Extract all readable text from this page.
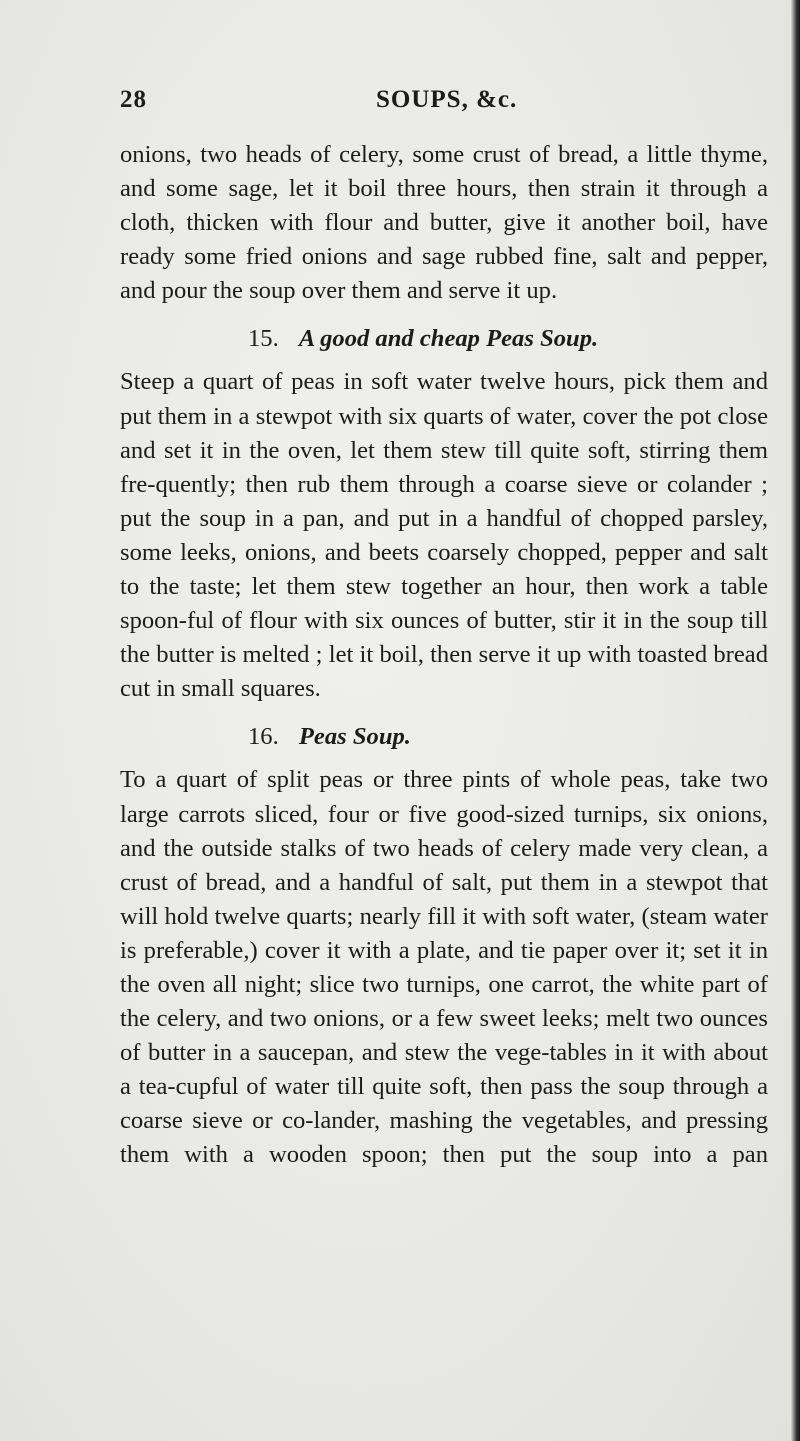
28	SOUPS, &c.

onions, two heads of celery, some crust of bread, a little thyme, and some sage, let it boil three hours, then strain it through a cloth, thicken with flour and butter, give it another boil, have ready some fried onions and sage rubbed fine, salt and pepper, and pour the soup over them and serve it up.

15. A good and cheap Peas Soup.

Steep a quart of peas in soft water twelve hours, pick them and put them in a stewpot with six quarts of water, cover the pot close and set it in the oven, let them stew till quite soft, stirring them fre-quently; then rub them through a coarse sieve or colander ; put the soup in a pan, and put in a handful of chopped parsley, some leeks, onions, and beets coarsely chopped, pepper and salt to the taste; let them stew together an hour, then work a table spoon-ful of flour with six ounces of butter, stir it in the soup till the butter is melted ; let it boil, then serve it up with toasted bread cut in small squares.

16. Peas Soup.

To a quart of split peas or three pints of whole peas, take two large carrots sliced, four or five good-sized turnips, six onions, and the outside stalks of two heads of celery made very clean, a crust of bread, and a handful of salt, put them in a stewpot that will hold twelve quarts; nearly fill it with soft water, (steam water is preferable,) cover it with a plate, and tie paper over it; set it in the oven all night; slice two turnips, one carrot, the white part of the celery, and two onions, or a few sweet leeks; melt two ounces of butter in a saucepan, and stew the vege-tables in it with about a tea-cupful of water till quite soft, then pass the soup through a coarse sieve or co-lander, mashing the vegetables, and pressing them with a wooden spoon; then put the soup into a pan
